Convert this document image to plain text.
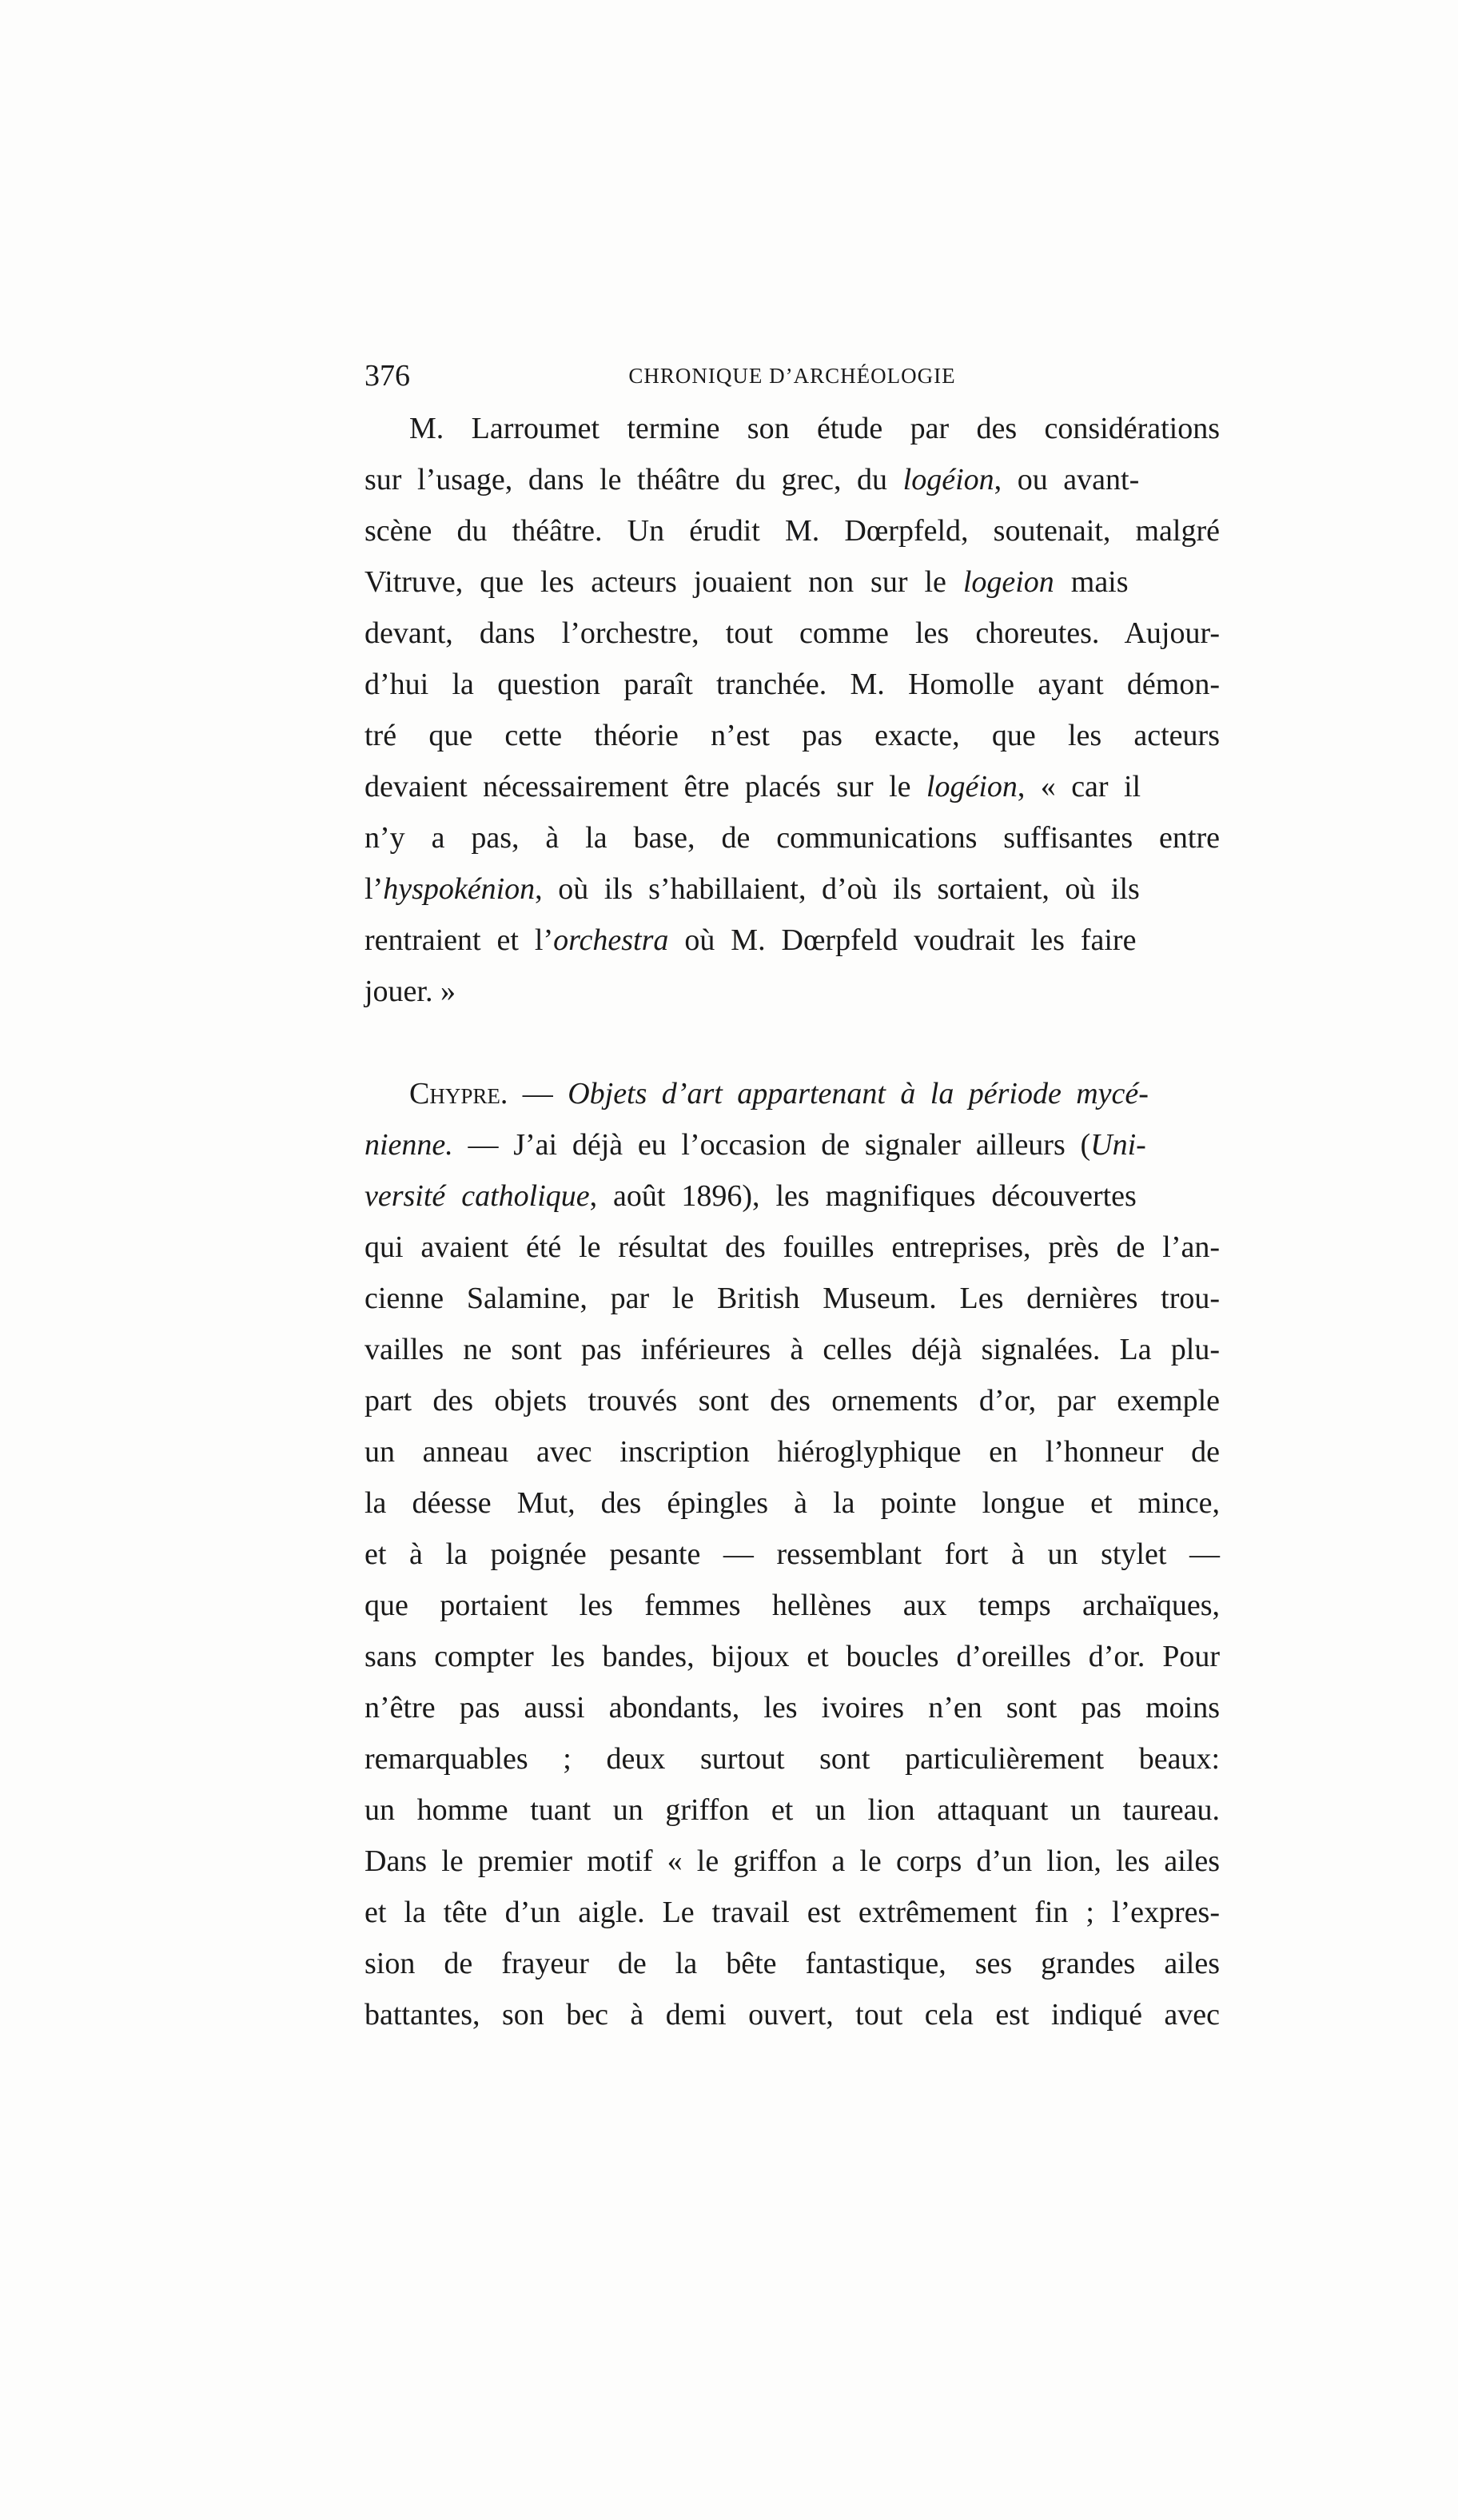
376	CHRONIQUE D’ARCHÉOLOGIE
M. Larroumet termine son étude par des considérations
sur l’usage, dans le théâtre du grec, du logéion, ou avant-
scène du théâtre. Un érudit M. Dœrpfeld, soutenait, malgré
Vitruve, que les acteurs jouaient non sur le logeion mais
devant, dans l’orchestre, tout comme les choreutes. Aujour-
d’hui la question paraît tranchée. M. Homolle ayant démon-
tré que cette théorie n’est pas exacte, que les acteurs
devaient nécessairement être placés sur le logéion, « car il
n’y a pas, à la base, de communications suffisantes entre
l’hyspokénion, où ils s’habillaient, d’où ils sortaient, où ils
rentraient et l’orchestra où M. Dœrpfeld voudrait les faire
jouer. »
Chypre. — Objets d’art appartenant à la période mycé-
nienne. — J’ai déjà eu l’occasion de signaler ailleurs (Uni-
versité catholique, août 1896), les magnifiques découvertes
qui avaient été le résultat des fouilles entreprises, près de l’an-
cienne Salamine, par le British Museum. Les dernières trou-
vailles ne sont pas inférieures à celles déjà signalées. La plu-
part des objets trouvés sont des ornements d’or, par exemple
un anneau avec inscription hiéroglyphique en l’honneur de
la déesse Mut, des épingles à la pointe longue et mince,
et à la poignée pesante — ressemblant fort à un stylet —
que portaient les femmes hellènes aux temps archaïques,
sans compter les bandes, bijoux et boucles d’oreilles d’or. Pour
n’être pas aussi abondants, les ivoires n’en sont pas moins
remarquables ; deux surtout sont particulièrement beaux:
un homme tuant un griffon et un lion attaquant un taureau.
Dans le premier motif « le griffon a le corps d’un lion, les ailes
et la tête d’un aigle. Le travail est extrêmement fin ; l’expres-
sion de frayeur de la bête fantastique, ses grandes ailes
battantes, son bec à demi ouvert, tout cela est indiqué avec
